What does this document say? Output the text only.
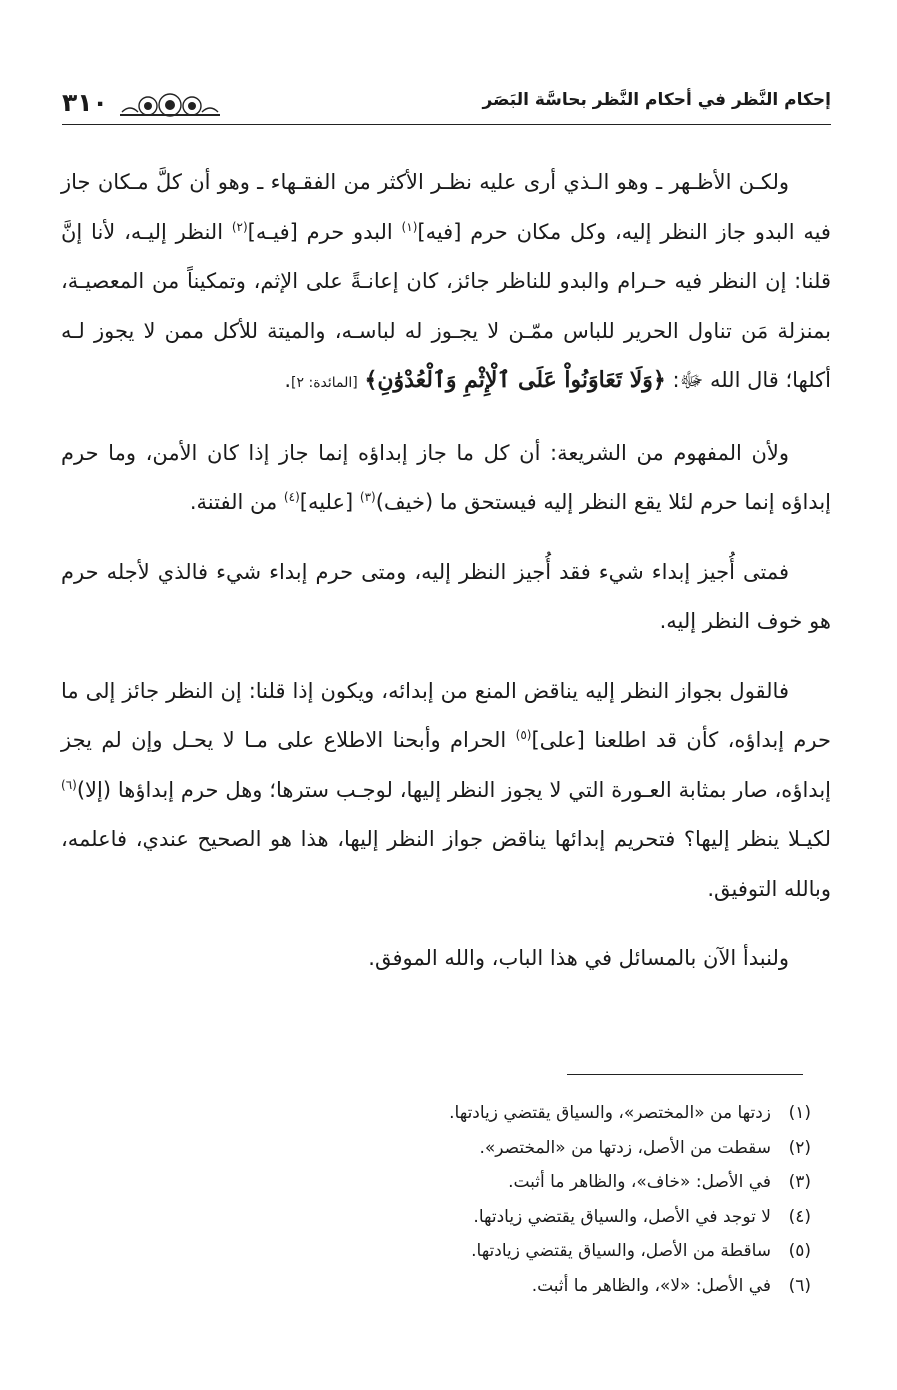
إحكام النَّظر في أحكام النَّظر بحاسَّة البَصَر
٣١٠

ولكـن الأظـهر ـ وهو الـذي أرى عليه نظـر الأكثر من الفقـهاء ـ وهو أن كلَّ مـكان جاز فيه البدو جاز النظر إليه، وكل مكان حرم [فيه]$^{(١)}$ البدو حرم [فيـه]$^{(٢)}$ النظر إليـه، لأنا إنَّ قلنا: إن النظر فيه حـرام والبدو للناظر جائز، كان إعانـةً على الإثم، وتمكيناً من المعصيـة، بمنزلة مَن تناول الحرير للباس ممّـن لا يجـوز له لباسـه، والميتة للأكل ممن لا يجوز لـه أكلها؛ قال الله ﷻ: ﴿وَلَا تَعَاوَنُواْ عَلَى ٱلْإِثْمِ وَٱلْعُدْوَٰنِ﴾ [المائدة: ٢].

ولأن المفهوم من الشريعة: أن كل ما جاز إبداؤه إنما جاز إذا كان الأمن، وما حرم إبداؤه إنما حرم لئلا يقع النظر إليه فيستحق ما (خيف)$^{(٣)}$ [عليه]$^{(٤)}$ من الفتنة.

فمتى أُجيز إبداء شيء فقد أُجيز النظر إليه، ومتى حرم إبداء شيء فالذي لأجله حرم هو خوف النظر إليه.

فالقول بجواز النظر إليه يناقض المنع من إبدائه، ويكون إذا قلنا: إن النظر جائز إلى ما حرم إبداؤه، كأن قد اطلعنا [على]$^{(٥)}$ الحرام وأبحنا الاطلاع على مـا لا يحـل وإن لم يجز إبداؤه، صار بمثابة العـورة التي لا يجوز النظر إليها، لوجـب سترها؛ وهل حرم إبداؤها (إلا)$^{(٦)}$ لكيـلا ينظر إليها؟ فتحريم إبدائها يناقض جواز النظر إليها، هذا هو الصحيح عندي، فاعلمه، وبالله التوفيق.

ولنبدأ الآن بالمسائل في هذا الباب، والله الموفق.

(١)زدتها من «المختصر»، والسياق يقتضي زيادتها.
(٢)سقطت من الأصل، زدتها من «المختصر».
(٣)في الأصل: «خاف»، والظاهر ما أثبت.
(٤)لا توجد في الأصل، والسياق يقتضي زيادتها.
(٥)ساقطة من الأصل، والسياق يقتضي زيادتها.
(٦)في الأصل: «لا»، والظاهر ما أثبت.
